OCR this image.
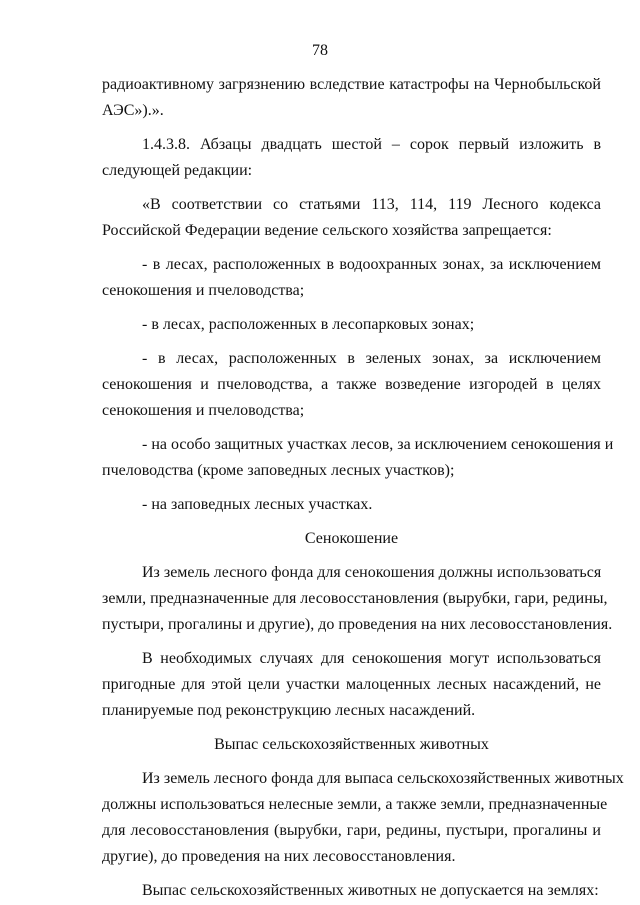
78
радиоактивному загрязнению вследствие катастрофы на Чернобыльской
АЭС»).».
1.4.3.8. Абзацы двадцать шестой – сорок первый изложить в
следующей редакции:
«В соответствии со статьями 113, 114, 119 Лесного кодекса
Российской Федерации ведение сельского хозяйства запрещается:
- в лесах, расположенных в водоохранных зонах, за исключением
сенокошения и пчеловодства;
- в лесах, расположенных в лесопарковых зонах;
- в лесах, расположенных в зеленых зонах, за исключением
сенокошения и пчеловодства, а также возведение изгородей в целях
сенокошения и пчеловодства;
- на особо защитных участках лесов, за исключением сенокошения и
пчеловодства (кроме заповедных лесных участков);
- на заповедных лесных участках.
Сенокошение
Из земель лесного фонда для сенокошения должны использоваться
земли, предназначенные для лесовосстановления (вырубки, гари, редины,
пустыри, прогалины и другие), до проведения на них лесовосстановления.
В необходимых случаях для сенокошения могут использоваться
пригодные для этой цели участки малоценных лесных насаждений, не
планируемые под реконструкцию лесных насаждений.
Выпас сельскохозяйственных животных
Из земель лесного фонда для выпаса сельскохозяйственных животных
должны использоваться нелесные земли, а также земли, предназначенные
для лесовосстановления (вырубки, гари, редины, пустыри, прогалины и
другие), до проведения на них лесовосстановления.
Выпас сельскохозяйственных животных не допускается на землях:
